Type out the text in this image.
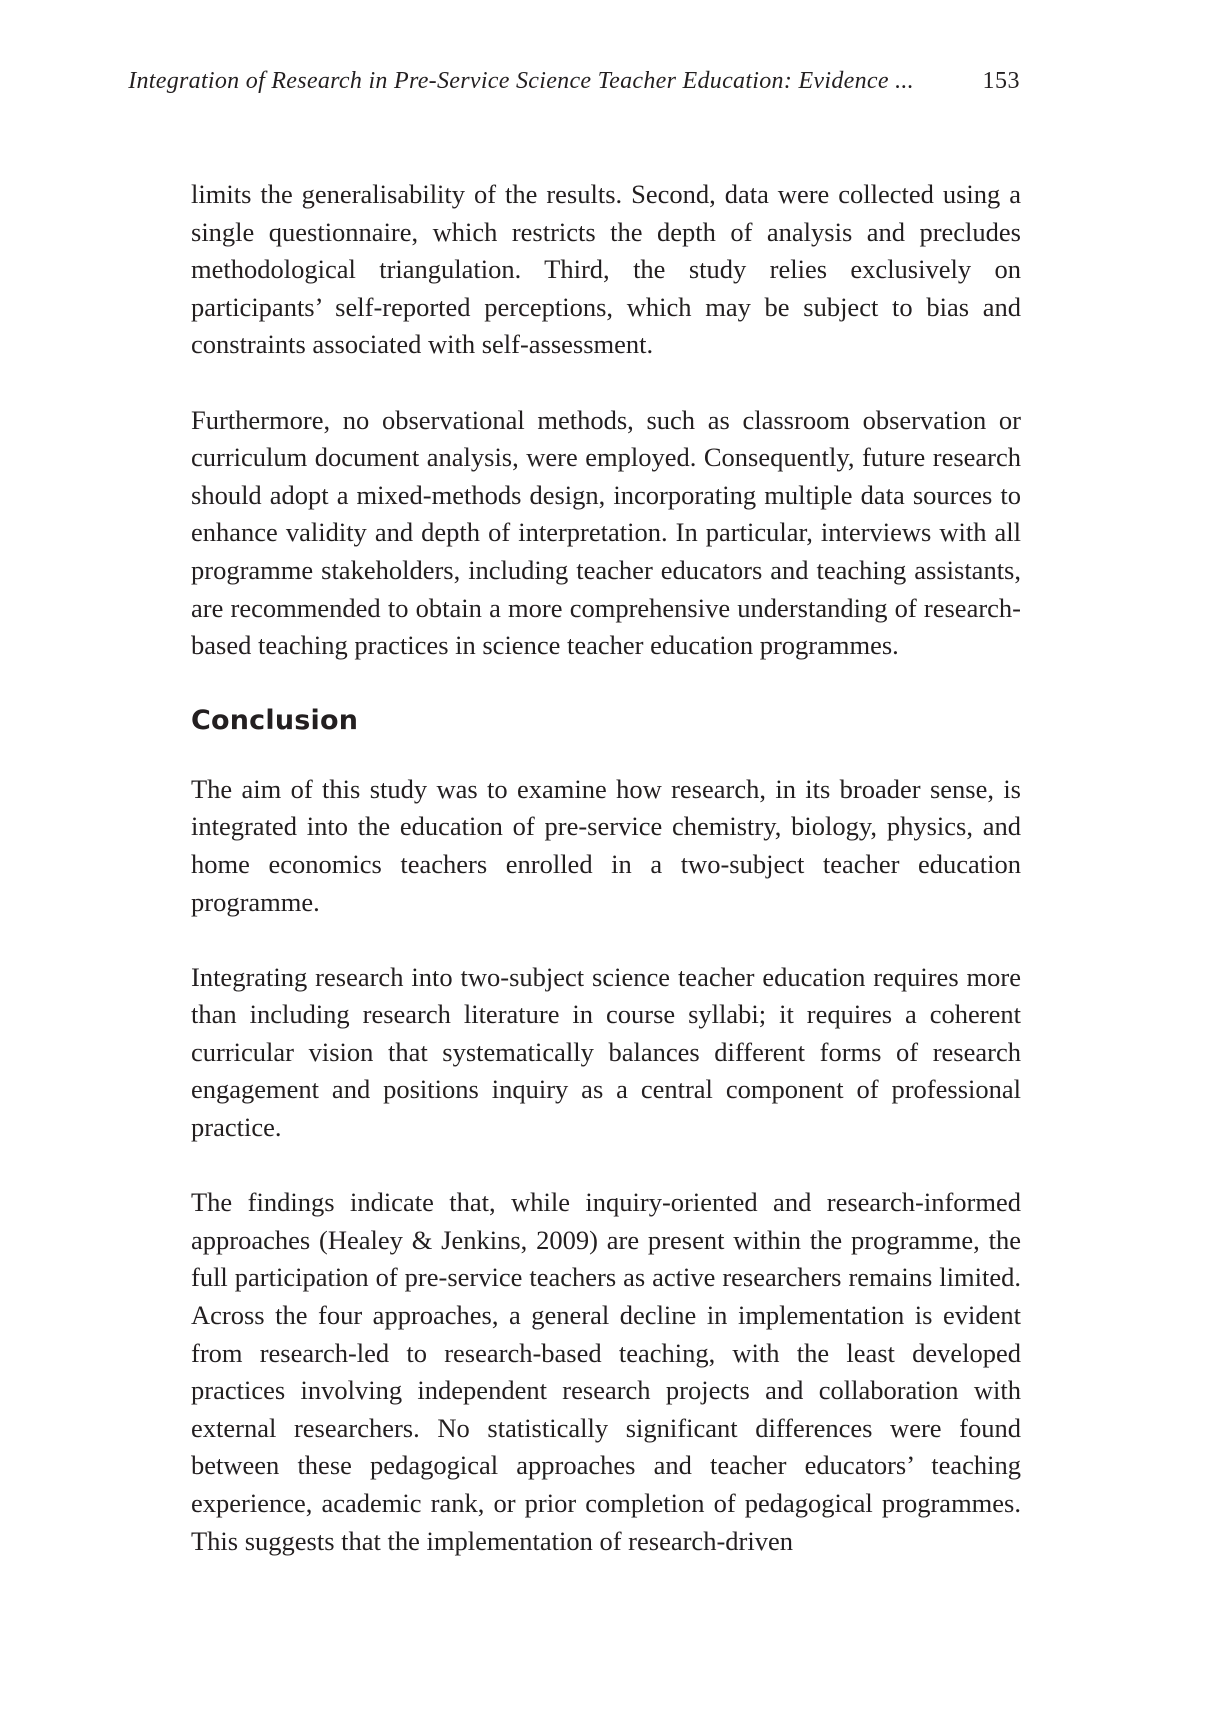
Integration of Research in Pre-Service Science Teacher Education: Evidence ...	153

limits the generalisability of the results. Second, data were collected using a single questionnaire, which restricts the depth of analysis and precludes methodological triangulation. Third, the study relies exclusively on participants’ self-reported perceptions, which may be subject to bias and constraints associated with self-assessment.

Furthermore, no observational methods, such as classroom observation or curriculum document analysis, were employed. Consequently, future research should adopt a mixed-methods design, incorporating multiple data sources to enhance validity and depth of interpretation. In particular, interviews with all programme stakeholders, including teacher educators and teaching assistants, are recommended to obtain a more comprehensive understanding of research-based teaching practices in science teacher education programmes.

Conclusion

The aim of this study was to examine how research, in its broader sense, is integrated into the education of pre-service chemistry, biology, physics, and home economics teachers enrolled in a two-subject teacher education programme.

Integrating research into two-subject science teacher education requires more than including research literature in course syllabi; it requires a coherent curricular vision that systematically balances different forms of research engagement and positions inquiry as a central component of professional practice.

The findings indicate that, while inquiry-oriented and research-informed approaches (Healey & Jenkins, 2009) are present within the programme, the full participation of pre-service teachers as active researchers remains limited. Across the four approaches, a general decline in implementation is evident from research-led to research-based teaching, with the least developed practices involving independent research projects and collaboration with external researchers. No statistically significant differences were found between these pedagogical approaches and teacher educators’ teaching experience, academic rank, or prior completion of pedagogical programmes. This suggests that the implementation of research-driven
